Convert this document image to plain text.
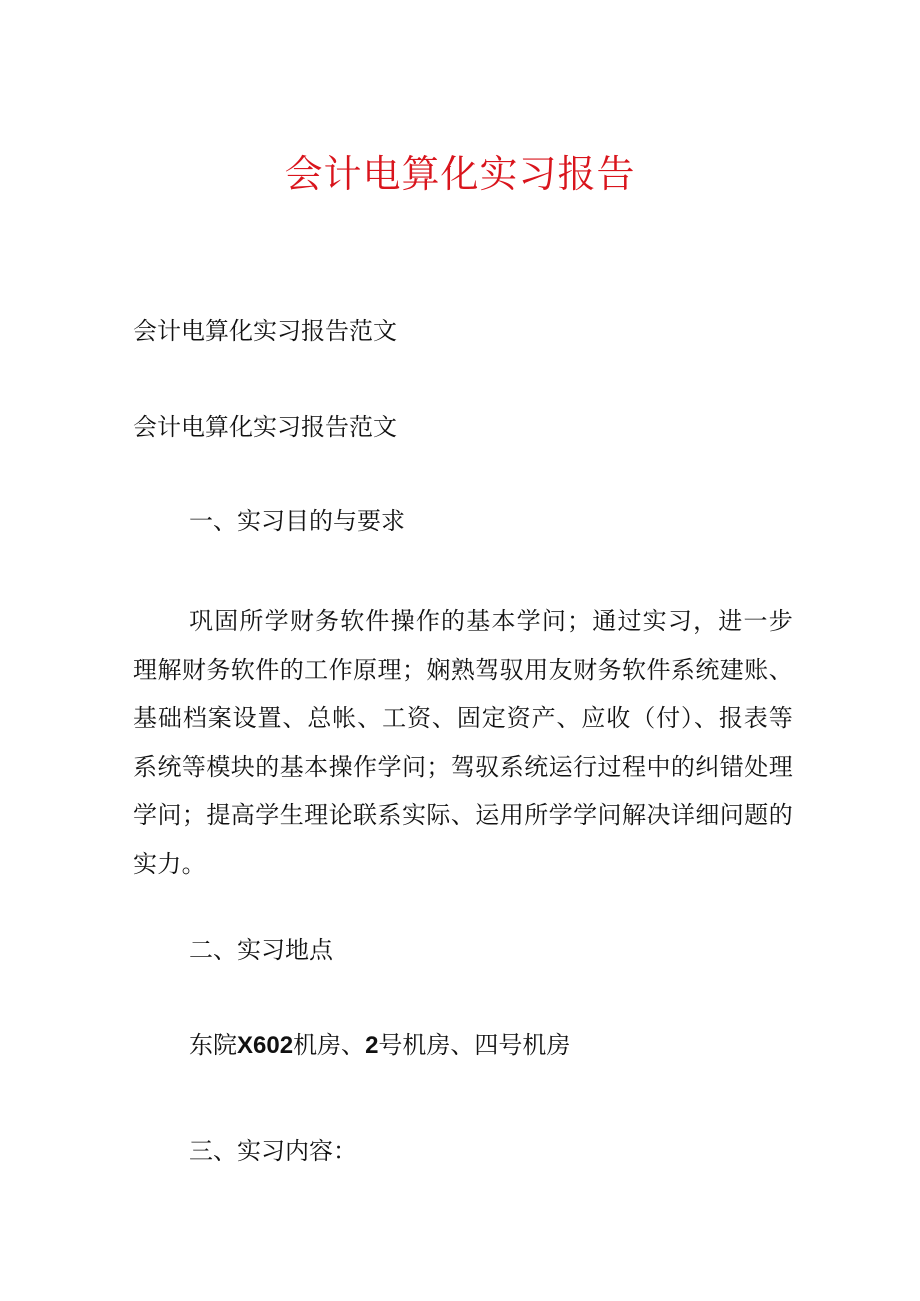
会计电算化实习报告
会计电算化实习报告范文
会计电算化实习报告范文
一、实习目的与要求
巩固所学财务软件操作的基本学问；通过实习，进一步理解财务软件的工作原理；娴熟驾驭用友财务软件系统建账、基础档案设置、总帐、工资、固定资产、应收（付）、报表等系统等模块的基本操作学问；驾驭系统运行过程中的纠错处理学问；提高学生理论联系实际、运用所学学问解决详细问题的实力。
二、实习地点
东院X602机房、2号机房、四号机房
三、实习内容：
